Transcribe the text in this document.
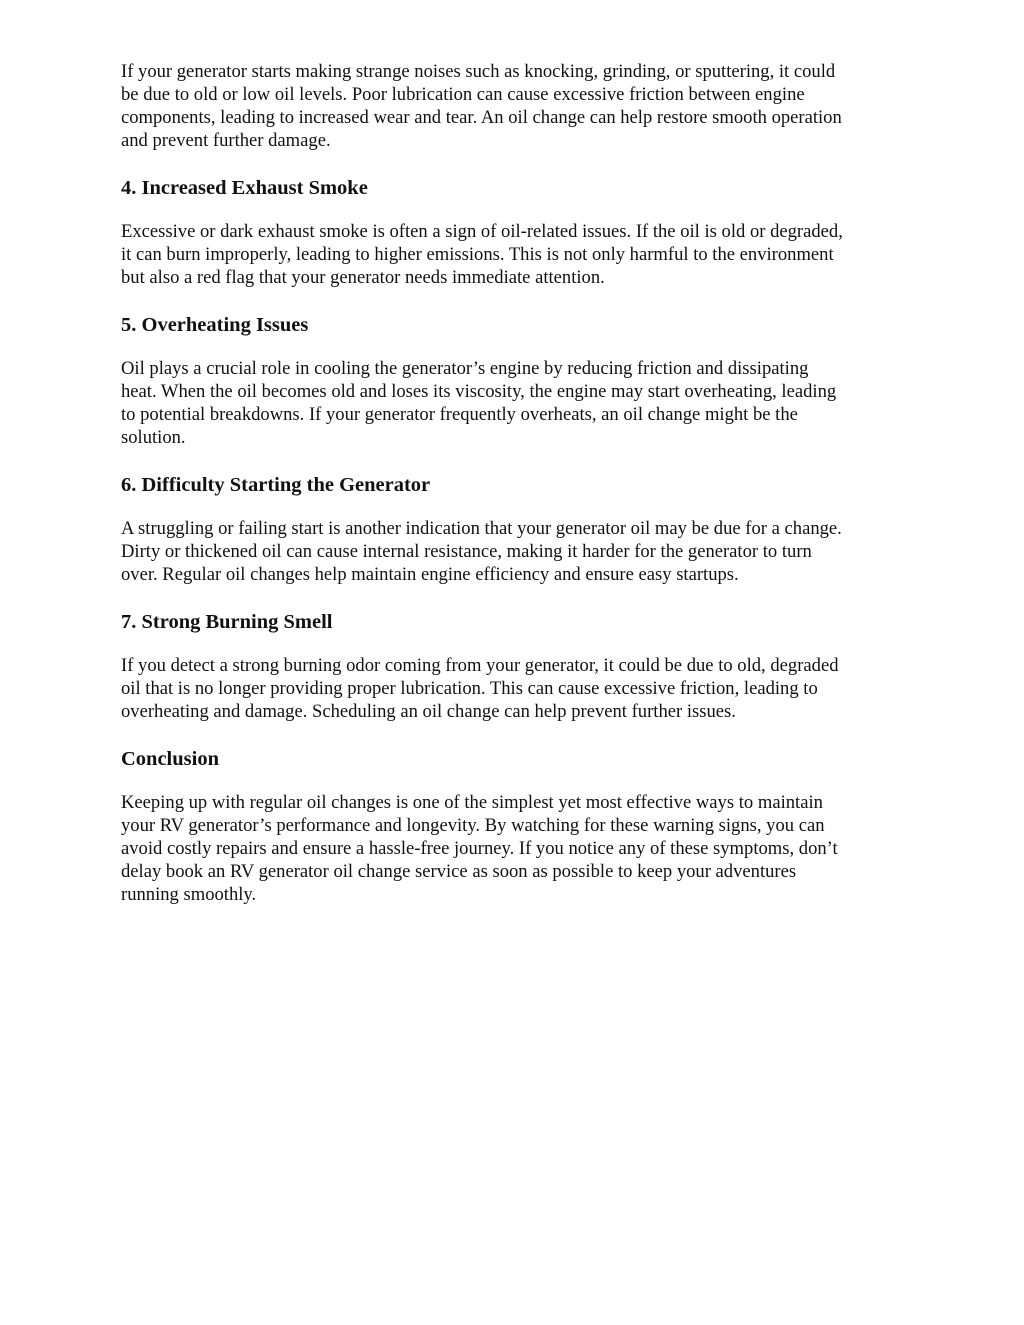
If your generator starts making strange noises such as knocking, grinding, or sputtering, it could
be due to old or low oil levels. Poor lubrication can cause excessive friction between engine
components, leading to increased wear and tear. An oil change can help restore smooth operation
and prevent further damage.

4. Increased Exhaust Smoke

Excessive or dark exhaust smoke is often a sign of oil-related issues. If the oil is old or degraded,
it can burn improperly, leading to higher emissions. This is not only harmful to the environment
but also a red flag that your generator needs immediate attention.

5. Overheating Issues

Oil plays a crucial role in cooling the generator’s engine by reducing friction and dissipating
heat. When the oil becomes old and loses its viscosity, the engine may start overheating, leading
to potential breakdowns. If your generator frequently overheats, an oil change might be the
solution.

6. Difficulty Starting the Generator

A struggling or failing start is another indication that your generator oil may be due for a change.
Dirty or thickened oil can cause internal resistance, making it harder for the generator to turn
over. Regular oil changes help maintain engine efficiency and ensure easy startups.

7. Strong Burning Smell

If you detect a strong burning odor coming from your generator, it could be due to old, degraded
oil that is no longer providing proper lubrication. This can cause excessive friction, leading to
overheating and damage. Scheduling an oil change can help prevent further issues.

Conclusion

Keeping up with regular oil changes is one of the simplest yet most effective ways to maintain
your RV generator’s performance and longevity. By watching for these warning signs, you can
avoid costly repairs and ensure a hassle-free journey. If you notice any of these symptoms, don’t
delay book an RV generator oil change service as soon as possible to keep your adventures
running smoothly.
